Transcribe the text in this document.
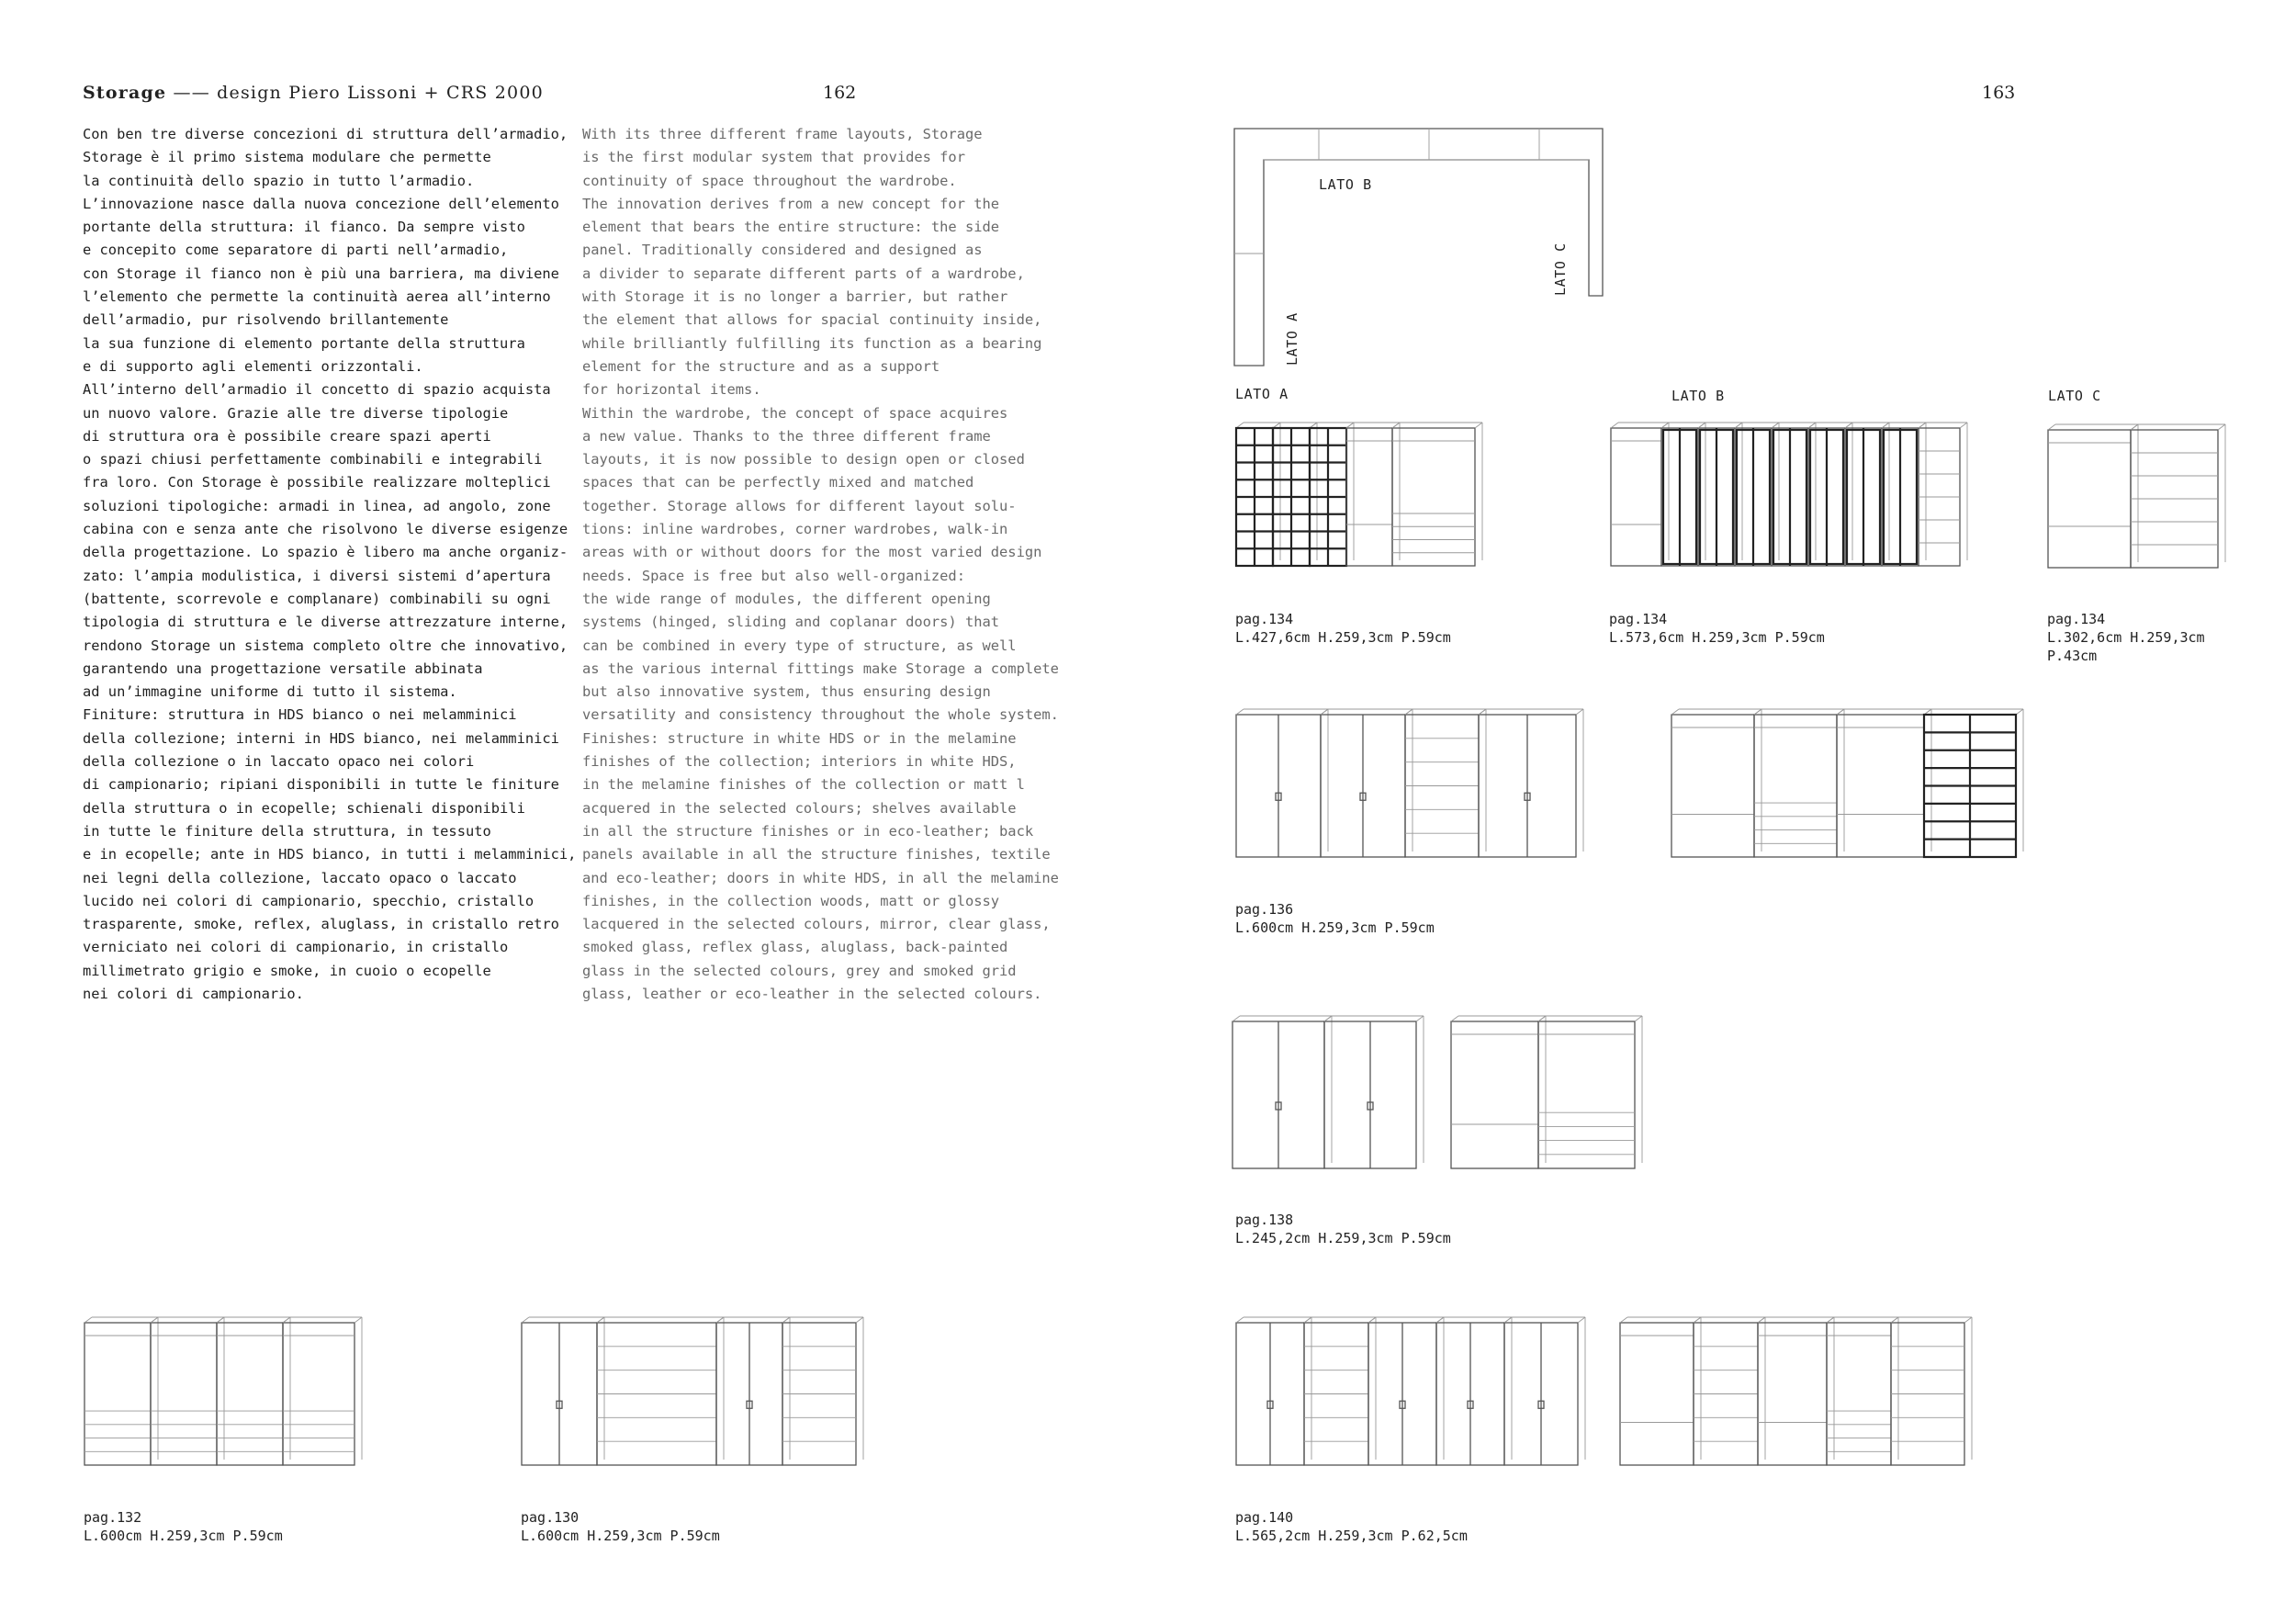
Storage —— design Piero Lissoni + CRS 2000	162	163
Con ben tre diverse concezioni di struttura dell’armadio,
Storage è il primo sistema modulare che permette
la continuità dello spazio in tutto l’armadio.
L’innovazione nasce dalla nuova concezione dell’elemento
portante della struttura: il fianco. Da sempre visto
e concepito come separatore di parti nell’armadio,
con Storage il fianco non è più una barriera, ma diviene
l’elemento che permette la continuità aerea all’interno
dell’armadio, pur risolvendo brillantemente
la sua funzione di elemento portante della struttura
e di supporto agli elementi orizzontali.
All’interno dell’armadio il concetto di spazio acquista
un nuovo valore. Grazie alle tre diverse tipologie
di struttura ora è possibile creare spazi aperti
o spazi chiusi perfettamente combinabili e integrabili
fra loro. Con Storage è possibile realizzare molteplici
soluzioni tipologiche: armadi in linea, ad angolo, zone
cabina con e senza ante che risolvono le diverse esigenze
della progettazione. Lo spazio è libero ma anche organiz-
zato: l’ampia modulistica, i diversi sistemi d’apertura
(battente, scorrevole e complanare) combinabili su ogni
tipologia di struttura e le diverse attrezzature interne,
rendono Storage un sistema completo oltre che innovativo,
garantendo una progettazione versatile abbinata
ad un’immagine uniforme di tutto il sistema.
Finiture: struttura in HDS bianco o nei melamminici
della collezione; interni in HDS bianco, nei melamminici
della collezione o in laccato opaco nei colori
di campionario; ripiani disponibili in tutte le finiture
della struttura o in ecopelle; schienali disponibili
in tutte le finiture della struttura, in tessuto
e in ecopelle; ante in HDS bianco, in tutti i melamminici,
nei legni della collezione, laccato opaco o laccato
lucido nei colori di campionario, specchio, cristallo
trasparente, smoke, reflex, aluglass, in cristallo retro
verniciato nei colori di campionario, in cristallo
millimetrato grigio e smoke, in cuoio o ecopelle
nei colori di campionario.
With its three different frame layouts, Storage
is the first modular system that provides for
continuity of space throughout the wardrobe.
The innovation derives from a new concept for the
element that bears the entire structure: the side
panel. Traditionally considered and designed as
a divider to separate different parts of a wardrobe,
with Storage it is no longer a barrier, but rather
the element that allows for spacial continuity inside,
while brilliantly fulfilling its function as a bearing
element for the structure and as a support
for horizontal items.
Within the wardrobe, the concept of space acquires
a new value. Thanks to the three different frame
layouts, it is now possible to design open or closed
spaces that can be perfectly mixed and matched
together. Storage allows for different layout solu-
tions: inline wardrobes, corner wardrobes, walk-in
areas with or without doors for the most varied design
needs. Space is free but also well-organized:
the wide range of modules, the different opening
systems (hinged, sliding and coplanar doors) that
can be combined in every type of structure, as well
as the various internal fittings make Storage a complete
but also innovative system, thus ensuring design
versatility and consistency throughout the whole system.
Finishes: structure in white HDS or in the melamine
finishes of the collection; interiors in white HDS,
in the melamine finishes of the collection or matt l
acquered in the selected colours; shelves available
in all the structure finishes or in eco-leather; back
panels available in all the structure finishes, textile
and eco-leather; doors in white HDS, in all the melamine
finishes, in the collection woods, matt or glossy
lacquered in the selected colours, mirror, clear glass,
smoked glass, reflex glass, aluglass, back-painted
glass in the selected colours, grey and smoked grid
glass, leather or eco-leather in the selected colours.
LATO B
LATO C
LATO A
LATO A	LATO B	LATO C
pag.134
L.427,6cm H.259,3cm P.59cm
pag.134
L.573,6cm H.259,3cm P.59cm
pag.134
L.302,6cm H.259,3cm
P.43cm
pag.136
L.600cm H.259,3cm P.59cm
pag.138
L.245,2cm H.259,3cm P.59cm
pag.132
L.600cm H.259,3cm P.59cm
pag.130
L.600cm H.259,3cm P.59cm
pag.140
L.565,2cm H.259,3cm P.62,5cm
